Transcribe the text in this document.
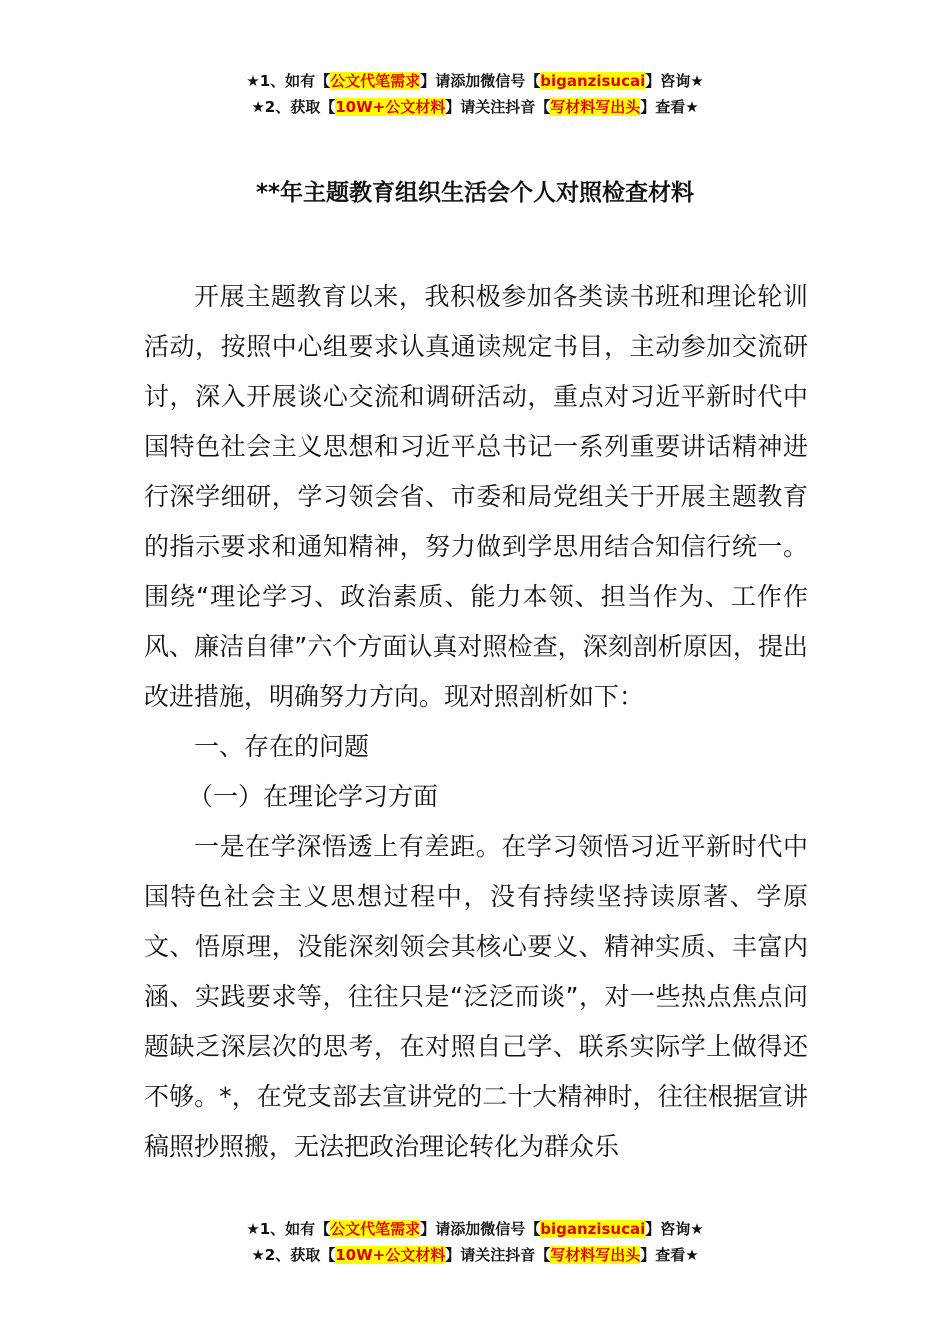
★1、如有【公文代笔需求】请添加微信号【biganzisucai】咨询★
★2、获取【10W+公文材料】请关注抖音【写材料写出头】查看★
**年主题教育组织生活会个人对照检查材料

开展主题教育以来，我积极参加各类读书班和理论轮训活动，按照中心组要求认真通读规定书目，主动参加交流研讨，深入开展谈心交流和调研活动，重点对习近平新时代中国特色社会主义思想和习近平总书记一系列重要讲话精神进行深学细研，学习领会省、市委和局党组关于开展主题教育的指示要求和通知精神，努力做到学思用结合知信行统一。围绕“理论学习、政治素质、能力本领、担当作为、工作作风、廉洁自律”六个方面认真对照检查，深刻剖析原因，提出改进措施，明确努力方向。现对照剖析如下：

一、存在的问题

（一）在理论学习方面

一是在学深悟透上有差距。在学习领悟习近平新时代中国特色社会主义思想过程中，没有持续坚持读原著、学原文、悟原理，没能深刻领会其核心要义、精神实质、丰富内涵、实践要求等，往往只是“泛泛而谈”，对一些热点焦点问题缺乏深层次的思考，在对照自己学、联系实际学上做得还不够。*，在党支部去宣讲党的二十大精神时，往往根据宣讲稿照抄照搬，无法把政治理论转化为群众乐

★1、如有【公文代笔需求】请添加微信号【biganzisucai】咨询★
★2、获取【10W+公文材料】请关注抖音【写材料写出头】查看★
